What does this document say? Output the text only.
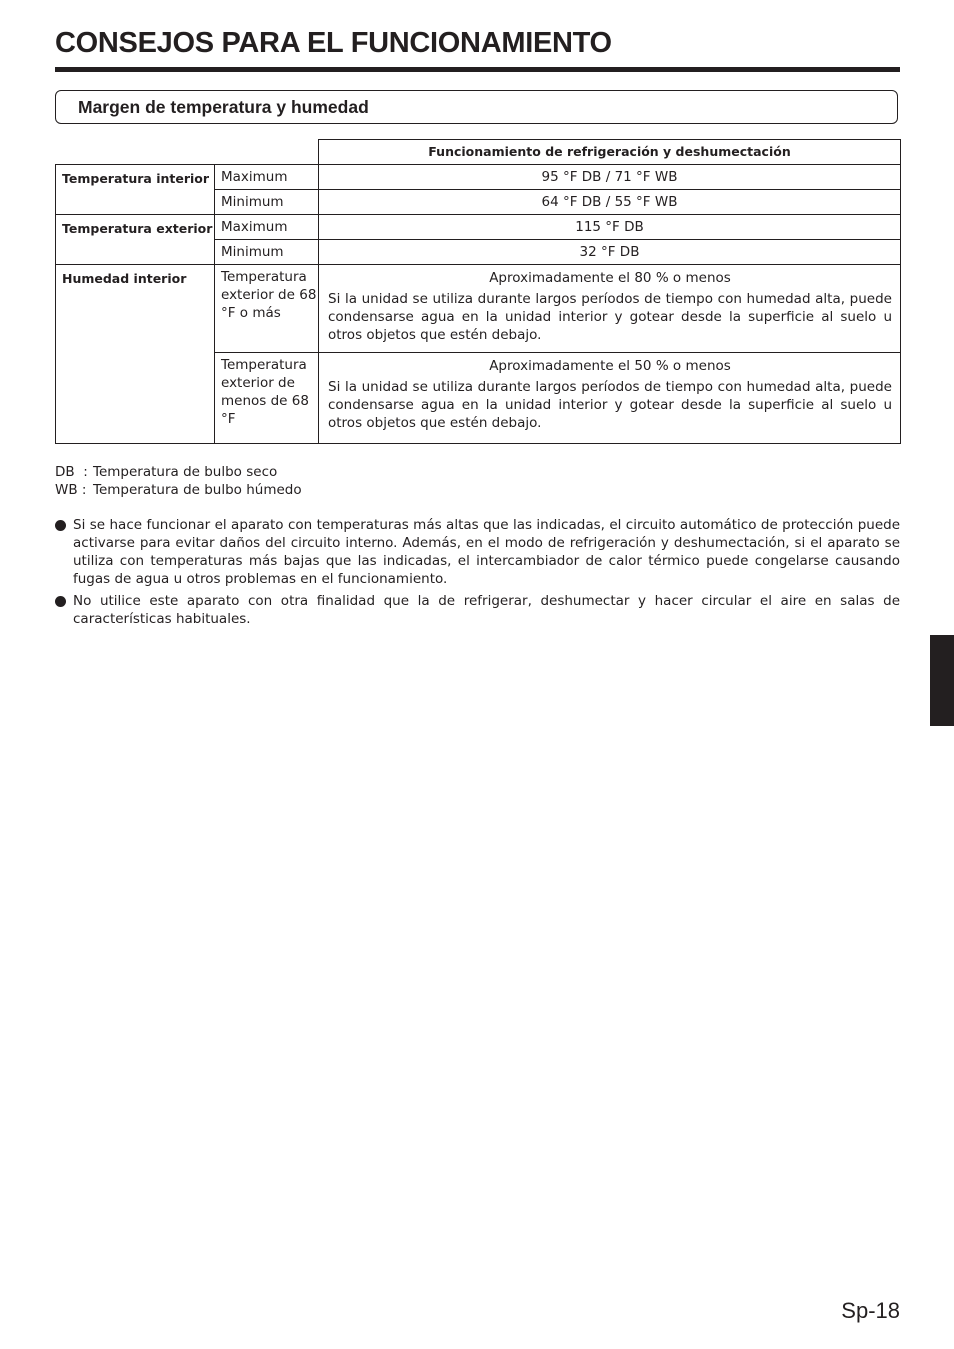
CONSEJOS PARA EL FUNCIONAMIENTO
Margen de temperatura y humedad
		Funcionamiento de refrigeración y deshumectación
Temperatura interior	Maximum	95 °F DB / 71 °F WB
	Minimum	64 °F DB / 55 °F WB
Temperatura exterior	Maximum	115 °F DB
	Minimum	32 °F DB
Humedad interior	Temperatura exterior de 68 °F o más	Aproximadamente el 80 % o menos
Si la unidad se utiliza durante largos períodos de tiempo con humedad alta, puede condensarse agua en la unidad interior y gotear desde la superficie al suelo u otros objetos que estén debajo.

	Temperatura exterior de menos de 68 °F	Aproximadamente el 50 % o menos
Si la unidad se utiliza durante largos períodos de tiempo con humedad alta, puede condensarse agua en la unidad interior y gotear desde la superficie al suelo u otros objetos que estén debajo.
DB  : Temperatura de bulbo seco
WB : Temperatura de bulbo húmedo
Si se hace funcionar el aparato con temperaturas más altas que las indicadas, el circuito automático de protección puede activarse para evitar daños del circuito interno. Además, en el modo de refrigeración y deshumectación, si el aparato se utiliza con temperaturas más bajas que las indicadas, el intercambiador de calor térmico puede congelarse causando fugas de agua u otros problemas en el funcionamiento.
No utilice este aparato con otra finalidad que la de refrigerar, deshumectar y hacer circular el aire en salas de características habituales.
Sp-18
